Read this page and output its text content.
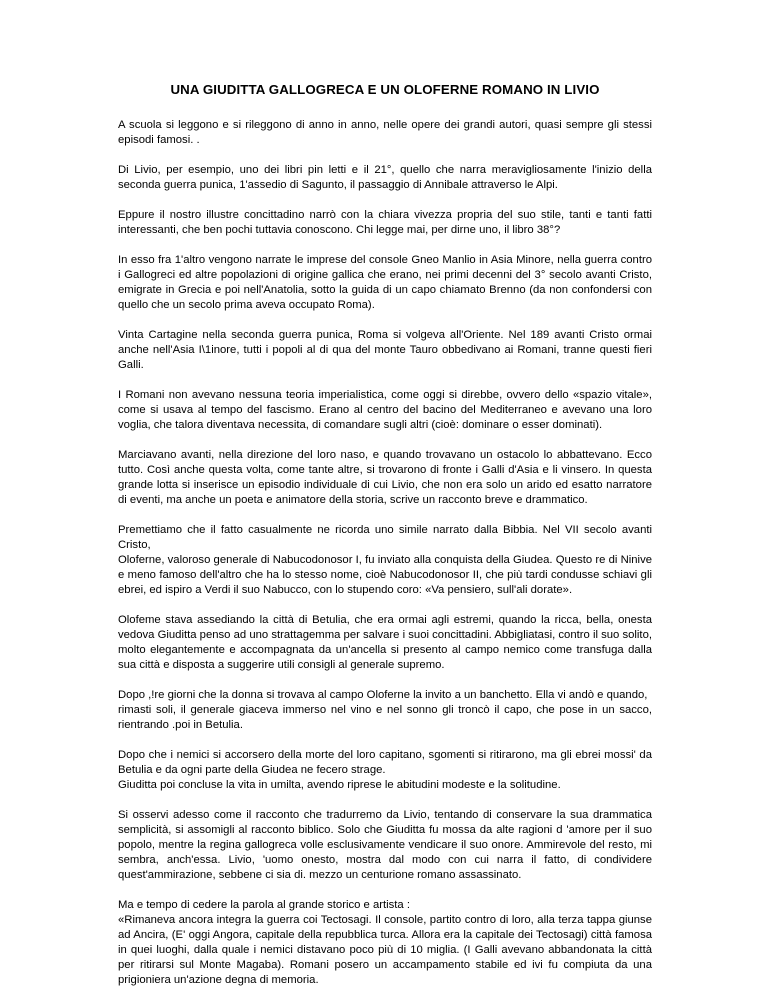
UNA GIUDITTA GALLOGRECA E UN OLOFERNE ROMANO IN LIVIO

A scuola si leggono e si rileggono di anno in anno, nelle opere dei grandi autori, quasi sempre gli stessi episodi famosi. .

Di Livio, per esempio, uno dei libri pin letti e il 21°, quello che narra meravigliosamente l'inizio della seconda guerra punica, 1'assedio di Sagunto, il passaggio di Annibale attraverso le Alpi.

Eppure il nostro illustre concittadino narrò con la chiara vivezza propria del suo stile, tanti e tanti fatti interessanti, che ben pochi tuttavia conoscono. Chi legge mai, per dirne uno, il libro 38°?

In esso fra 1'altro vengono narrate le imprese del console Gneo Manlio in Asia Minore, nella guerra contro i Gallogreci ed altre popolazioni di origine gallica che erano, nei primi decenni del 3° secolo avanti Cristo, emigrate in Grecia e poi nell'Anatolia, sotto la guida di un capo chiamato Brenno (da non confondersi con quello che un secolo prima aveva occupato Roma).

Vinta Cartagine nella seconda guerra punica, Roma si volgeva all'Oriente. Nel 189 avanti Cristo ormai anche nell'Asia I\1inore, tutti i popoli al di qua del monte Tauro obbedivano ai Romani, tranne questi fieri Galli.

I Romani non avevano nessuna teoria imperialistica, come oggi si direbbe, ovvero dello «spazio vitale», come si usava al tempo del fascismo. Erano al centro del bacino del Mediterraneo e avevano una loro voglia, che talora diventava necessita, di comandare sugli altri (cioè: dominare o esser dominati).

Marciavano avanti, nella direzione del loro naso, e quando trovavano un ostacolo lo abbattevano. Ecco tutto. Così anche questa volta, come tante altre, si trovarono di fronte i Galli d'Asia e li vinsero. In questa grande lotta si inserisce un episodio individuale di cui Livio, che non era solo un arido ed esatto narratore di eventi, ma anche un poeta e animatore della storia, scrive un racconto breve e drammatico.

Premettiamo che il fatto casualmente ne ricorda uno simile narrato dalla Bibbia. Nel VII secolo avanti Cristo,
Oloferne, valoroso generale di Nabucodonosor I, fu inviato alla conquista della Giudea. Questo re di Ninive e meno famoso dell'altro che ha lo stesso nome, cioè Nabucodonosor II, che più tardi condusse schiavi gli ebrei, ed ispiro a Verdi il suo Nabucco, con lo stupendo coro: «Va pensiero, sull'ali dorate».

Olofeme stava assediando la città di Betulia, che era ormai agli estremi, quando la ricca, bella, onesta vedova Giuditta penso ad uno strattagemma per salvare i suoi concittadini. Abbigliatasi, contro il suo solito, molto elegantemente e accompagnata da un'ancella si presento al campo nemico come transfuga dalla sua città e disposta a suggerire utili consigli al generale supremo.

Dopo ,!re giorni che la donna si trovava al campo Oloferne la invito a un banchetto. Ella vi andò e quando,
rimasti soli, il generale giaceva immerso nel vino e nel sonno gli troncò il capo, che pose in un sacco, rientrando .poi in Betulia.

Dopo che i nemici si accorsero della morte del loro capitano, sgomenti si ritirarono, ma gli ebrei mossi' da Betulia e da ogni parte della Giudea ne fecero strage.
Giuditta poi concluse la vita in umilta, avendo riprese le abitudini modeste e la solitudine.

Si osservi adesso come il racconto che tradurremo da Livio, tentando di conservare la sua drammatica semplicità, si assomigli al racconto biblico. Solo che Giuditta fu mossa da alte ragioni d 'amore per il suo popolo, mentre la regina gallogreca volle esclusivamente vendicare il suo onore. Ammirevole del resto, mi sembra, anch'essa. Livio, 'uomo onesto, mostra dal modo con cui narra il fatto, di condividere quest'ammirazione, sebbene ci sia di. mezzo un centurione romano assassinato.

Ma e tempo di cedere la parola al grande storico e artista :
«Rimaneva ancora integra la guerra coi Tectosagi. Il console, partito contro di loro, alla terza tappa giunse ad Ancira, (E' oggi Angora, capitale della repubblica turca. Allora era la capitale dei Tectosagi) città famosa in quei luoghi, dalla quale i nemici distavano poco più di 10 miglia. (I Galli avevano abbandonata la città per ritirarsi sul Monte Magaba). Romani posero un accampamento stabile ed ivi fu compiuta da una prigioniera un'azione degna di memoria.
